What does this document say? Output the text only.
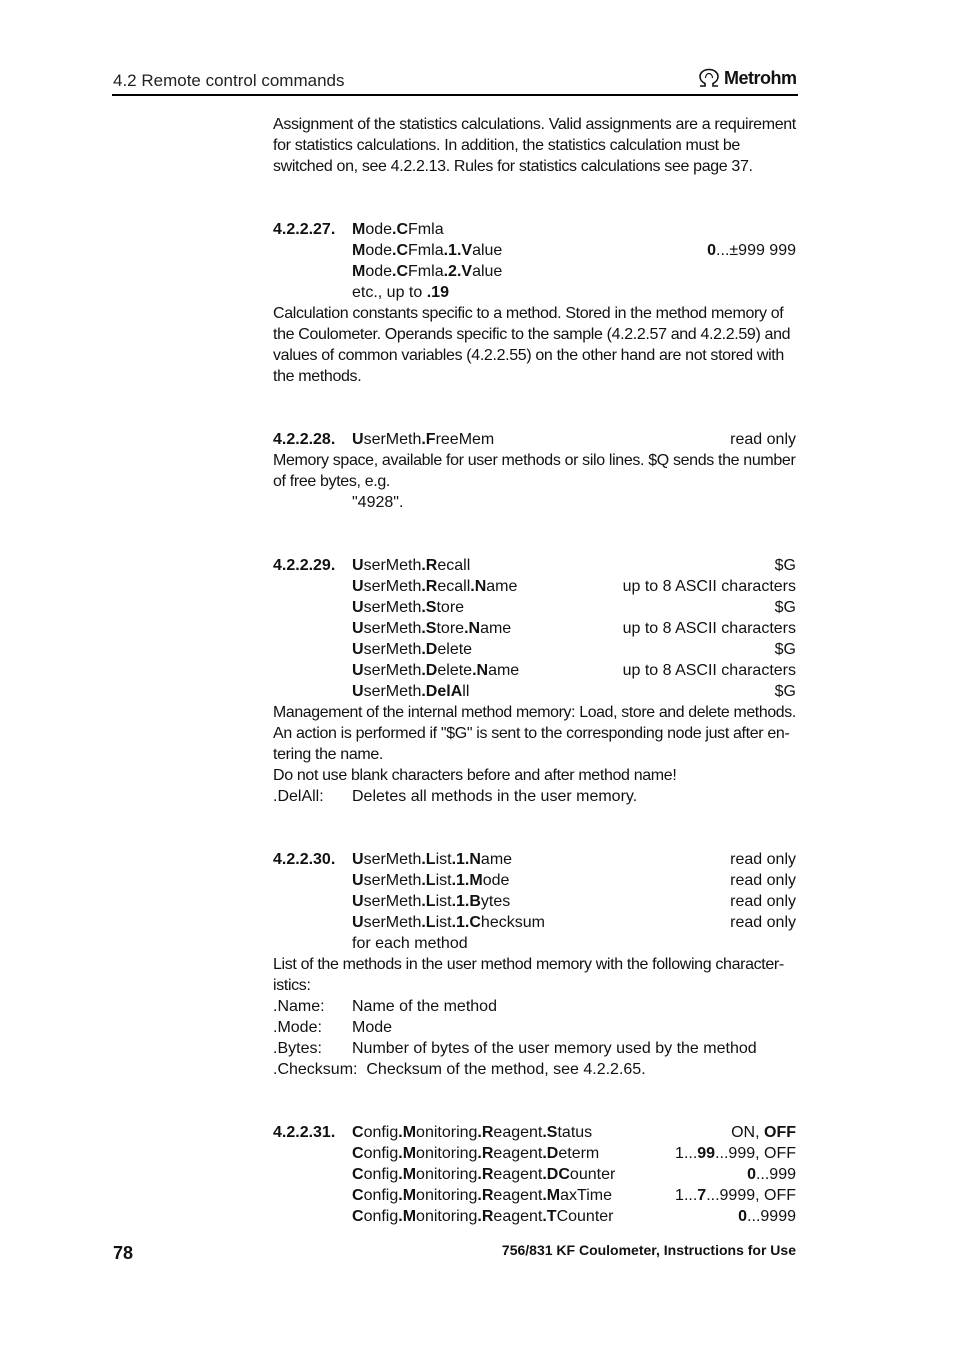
4.2 Remote control commands	Metrohm
Assignment of the statistics calculations. Valid assignments are a requirement
for statistics calculations. In addition, the statistics calculation must be
switched on, see 4.2.2.13. Rules for statistics calculations see page 37.
4.2.2.27. Mode.CFmla
Mode.CFmla.1.Value	0...±999 999
Mode.CFmla.2.Value
etc., up to .19
Calculation constants specific to a method. Stored in the method memory of
the Coulometer. Operands specific to the sample (4.2.2.57 and 4.2.2.59) and
values of common variables (4.2.2.55) on the other hand are not stored with
the methods.
4.2.2.28. UserMeth.FreeMem	read only
Memory space, available for user methods or silo lines. $Q sends the number
of free bytes, e.g.
"4928".
4.2.2.29. UserMeth.Recall	$G
UserMeth.Recall.Name	up to 8 ASCII characters
UserMeth.Store	$G
UserMeth.Store.Name	up to 8 ASCII characters
UserMeth.Delete	$G
UserMeth.Delete.Name	up to 8 ASCII characters
UserMeth.DelAll	$G
Management of the internal method memory: Load, store and delete methods.
An action is performed if "$G" is sent to the corresponding node just after en-
tering the name.
Do not use blank characters before and after method name!
.DelAll: Deletes all methods in the user memory.
4.2.2.30. UserMeth.List.1.Name	read only
UserMeth.List.1.Mode	read only
UserMeth.List.1.Bytes	read only
UserMeth.List.1.Checksum	read only
for each method
List of the methods in the user method memory with the following character-
istics:
.Name: Name of the method
.Mode: Mode
.Bytes: Number of bytes of the user memory used by the method
.Checksum:  Checksum of the method, see 4.2.2.65.
4.2.2.31. Config.Monitoring.Reagent.Status	ON, OFF
Config.Monitoring.Reagent.Determ	1...99...999, OFF
Config.Monitoring.Reagent.DCounter	0...999
Config.Monitoring.Reagent.MaxTime	1...7...9999, OFF
Config.Monitoring.Reagent.TCounter	0...9999
78	756/831 KF Coulometer, Instructions for Use
